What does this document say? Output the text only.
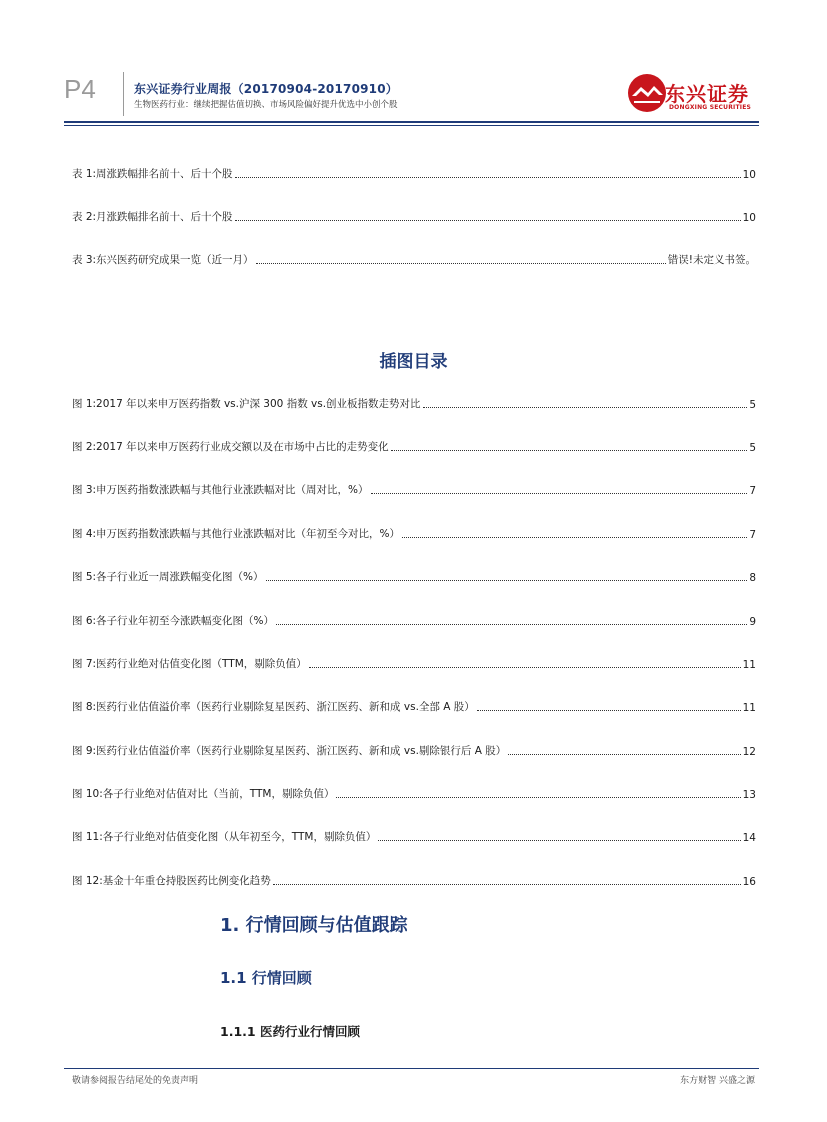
P4	东兴证券行业周报（20170904-20170910）
生物医药行业：继续把握估值切换、市场风险偏好提升优选中小创个股	东兴证券
DONGXING SECURITIES
表 1:周涨跌幅排名前十、后十个股	10
表 2:月涨跌幅排名前十、后十个股	10
表 3:东兴医药研究成果一览（近一月）	错误!未定义书签。
插图目录
图 1:2017 年以来申万医药指数 vs.沪深 300 指数 vs.创业板指数走势对比	5
图 2:2017 年以来申万医药行业成交额以及在市场中占比的走势变化	5
图 3:申万医药指数涨跌幅与其他行业涨跌幅对比（周对比，%）	7
图 4:申万医药指数涨跌幅与其他行业涨跌幅对比（年初至今对比，%）	7
图 5:各子行业近一周涨跌幅变化图（%）	8
图 6:各子行业年初至今涨跌幅变化图（%）	9
图 7:医药行业绝对估值变化图（TTM，剔除负值）	11
图 8:医药行业估值溢价率（医药行业剔除复星医药、浙江医药、新和成 vs.全部 A 股）	11
图 9:医药行业估值溢价率（医药行业剔除复星医药、浙江医药、新和成 vs.剔除银行后 A 股）	12
图 10:各子行业绝对估值对比（当前，TTM，剔除负值）	13
图 11:各子行业绝对估值变化图（从年初至今，TTM，剔除负值）	14
图 12:基金十年重仓持股医药比例变化趋势	16
1. 行情回顾与估值跟踪
1.1 行情回顾
1.1.1 医药行业行情回顾
敬请参阅报告结尾处的免责声明	东方财智 兴盛之源
